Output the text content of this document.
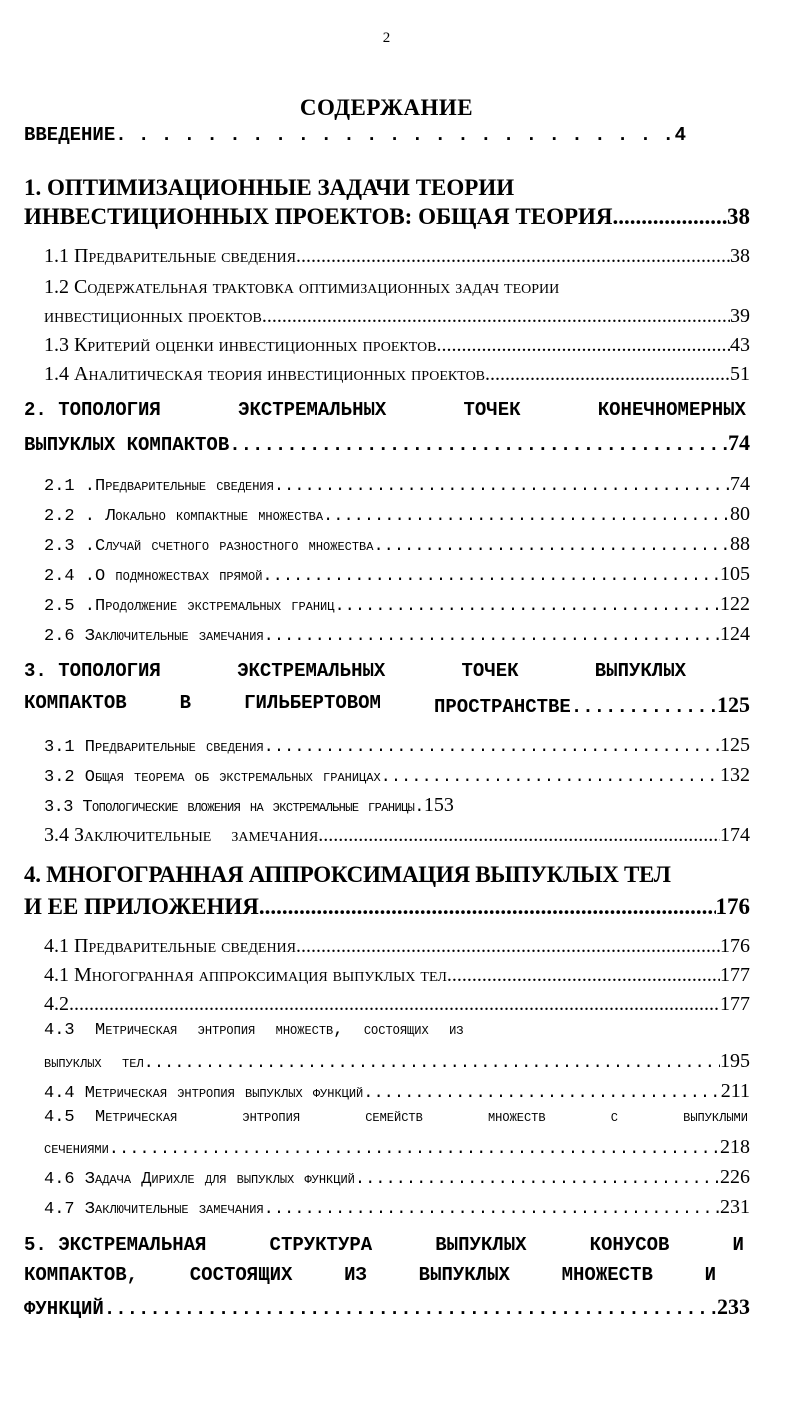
2
СОДЕРЖАНИЕ
ВВЕДЕНИЕ . . .	4
1. ОПТИМИЗАЦИОННЫЕ ЗАДАЧИ ТЕОРИИ
ИНВЕСТИЦИОННЫХ ПРОЕКТОВ: ОБЩАЯ ТЕОРИЯ. .....	38
1.1 Предварительные сведения. .....	38
1.2 Содержательная трактовка оптимизационных задач теории
инвестиционных проектов. .....	39
1.3 Критерий оценки инвестиционных проектов .....	43
1.4 Аналитическая теория инвестиционных проектов .....	51
2. ТОПОЛОГИЯ	ЭКСТРЕМАЛЬНЫХ	ТОЧЕК	КОНЕЧНОМЕРНЫХ
ВЫПУКЛЫХ КОМПАКТОВ. .....	74
2.1 .Предварительные сведения. .....	74
2.2 . Локально компактные множества. .....	80
2.3 .Случай счетного разностного множества. .....	88
2.4 .О подмножествах прямой. .....	105
2.5 .Продолжение экстремальных границ. .....	122
2.6 Заключительные замечания. .....	124
3. ТОПОЛОГИЯ	ЭКСТРЕМАЛЬНЫХ	ТОЧЕК	ВЫПУКЛЫХ
КОМПАКТОВ	В	ГИЛЬБЕРТОВОМ	ПРОСТРАНСТВЕ. .....	125
3.1 Предварительные сведения. .....	125
3.2 Общая теорема об экстремальных границах. .....	132
3.3 Топологические вложения на экстремальные границы. 153
3.4 Заключительные    замечания. .....	174
4. МНОГОГРАННАЯ АППРОКСИМАЦИЯ ВЫПУКЛЫХ ТЕЛ
И ЕЕ ПРИЛОЖЕНИЯ. .....	176
4.1 Предварительные сведения. .....	176
4.1 Многогранная аппроксимация выпуклых тел. .....	177
4.2 .....	177
4.3  Метрическая  энтропия  множеств,  состоящих  из
выпуклых  тел. .....	195
4.4 Метрическая энтропия выпуклых функций. .....	211
4.5  Метрическая	энтропия	семейств	множеств	с	выпуклыми
сечениями. .....	218
4.6 Задача Дирихле для выпуклых функций. .....	226
4.7 Заключительные замечания. .....	231
5. ЭКСТРЕМАЛЬНАЯ	СТРУКТУРА	ВЫПУКЛЫХ	КОНУСОВ	И
КОМПАКТОВ,	СОСТОЯЩИХ	ИЗ	ВЫПУКЛЫХ	МНОЖЕСТВ	И
ФУНКЦИЙ. .....	233
